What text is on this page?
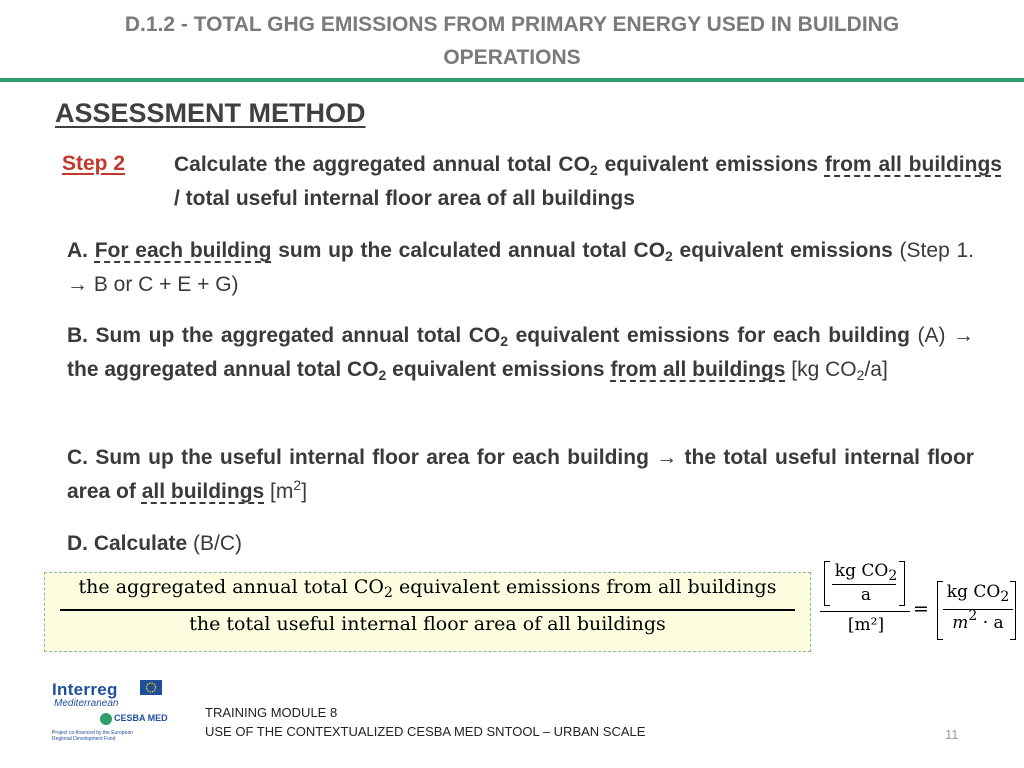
D.1.2 - TOTAL GHG EMISSIONS FROM PRIMARY ENERGY USED IN BUILDING
OPERATIONS
ASSESSMENT METHOD
Step 2 Calculate the aggregated annual total $CO_2$ equivalent emissions from all buildings / total useful internal floor area of all buildings
A. For each building sum up the calculated annual total $CO_2$ equivalent emissions (Step 1. → B or C + E + G)
B. Sum up the aggregated annual total $CO_2$ equivalent emissions for each building (A) → the aggregated annual total $CO_2$ equivalent emissions from all buildings [kg $CO_2/a$]
C. Sum up the useful internal floor area for each building → the total useful internal floor area of all buildings $[m^2]$
D. Calculate (B/C)
the aggregated annual total $CO_2$ equivalent emissions from all buildings
the total useful internal floor area of all buildings
kg $CO_2$
a
[m²]
=
kg $CO_2$
$m^2 \cdot a$
Interreg
Mediterranean
CESBA MED
Project co-financed by the European Regional Development Fund
TRAINING MODULE 8
USE OF THE CONTEXTUALIZED CESBA MED SNTOOL – URBAN SCALE	11
